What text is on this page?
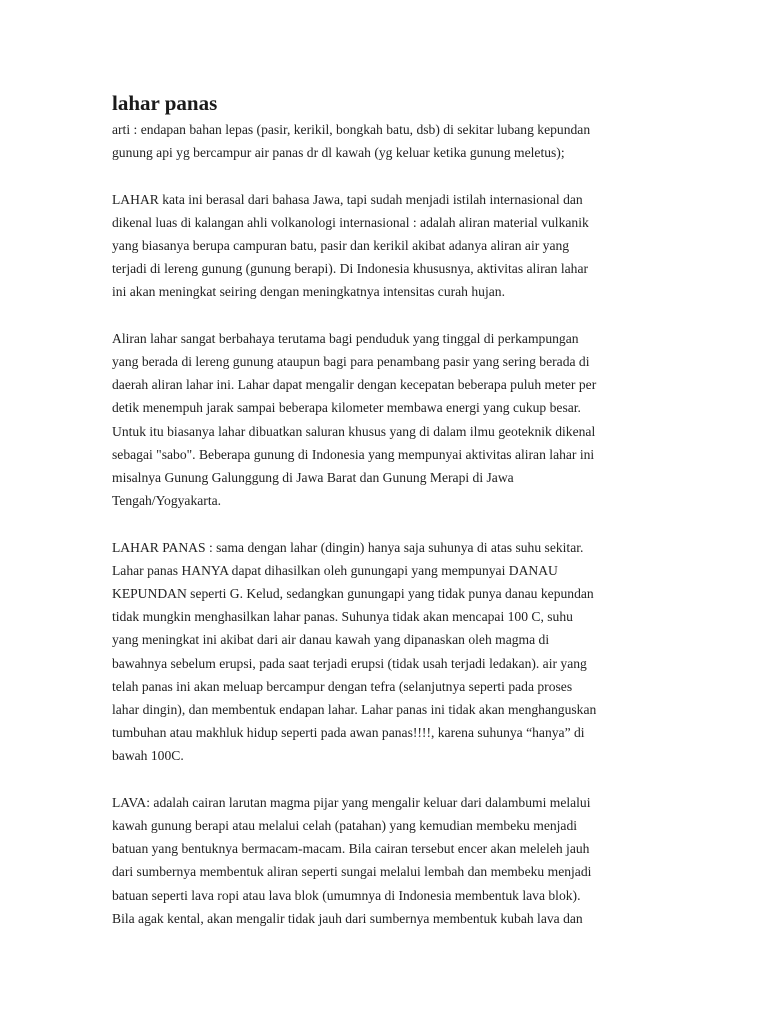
lahar panas
arti : endapan bahan lepas (pasir, kerikil, bongkah batu, dsb) di sekitar lubang kepundan
gunung api yg bercampur air panas dr dl kawah (yg keluar ketika gunung meletus);
LAHAR kata ini berasal dari bahasa Jawa, tapi sudah menjadi istilah internasional dan
dikenal luas di kalangan ahli volkanologi internasional : adalah aliran material vulkanik
yang biasanya berupa campuran batu, pasir dan kerikil akibat adanya aliran air yang
terjadi di lereng gunung (gunung berapi). Di Indonesia khususnya, aktivitas aliran lahar
ini akan meningkat seiring dengan meningkatnya intensitas curah hujan.
Aliran lahar sangat berbahaya terutama bagi penduduk yang tinggal di perkampungan
yang berada di lereng gunung ataupun bagi para penambang pasir yang sering berada di
daerah aliran lahar ini. Lahar dapat mengalir dengan kecepatan beberapa puluh meter per
detik menempuh jarak sampai beberapa kilometer membawa energi yang cukup besar.
Untuk itu biasanya lahar dibuatkan saluran khusus yang di dalam ilmu geoteknik dikenal
sebagai "sabo". Beberapa gunung di Indonesia yang mempunyai aktivitas aliran lahar ini
misalnya Gunung Galunggung di Jawa Barat dan Gunung Merapi di Jawa
Tengah/Yogyakarta.
LAHAR PANAS : sama dengan lahar (dingin) hanya saja suhunya di atas suhu sekitar.
Lahar panas HANYA dapat dihasilkan oleh gunungapi yang mempunyai DANAU
KEPUNDAN seperti G. Kelud, sedangkan gunungapi yang tidak punya danau kepundan
tidak mungkin menghasilkan lahar panas. Suhunya tidak akan mencapai 100 C, suhu
yang meningkat ini akibat dari air danau kawah yang dipanaskan oleh magma di
bawahnya sebelum erupsi, pada saat terjadi erupsi (tidak usah terjadi ledakan). air yang
telah panas ini akan meluap bercampur dengan tefra (selanjutnya seperti pada proses
lahar dingin), dan membentuk endapan lahar. Lahar panas ini tidak akan menghanguskan
tumbuhan atau makhluk hidup seperti pada awan panas!!!!, karena suhunya “hanya” di
bawah 100C.
LAVA: adalah cairan larutan magma pijar yang mengalir keluar dari dalambumi melalui
kawah gunung berapi atau melalui celah (patahan) yang kemudian membeku menjadi
batuan yang bentuknya bermacam-macam. Bila cairan tersebut encer akan meleleh jauh
dari sumbernya membentuk aliran seperti sungai melalui lembah dan membeku menjadi
batuan seperti lava ropi atau lava blok (umumnya di Indonesia membentuk lava blok).
Bila agak kental, akan mengalir tidak jauh dari sumbernya membentuk kubah lava dan
